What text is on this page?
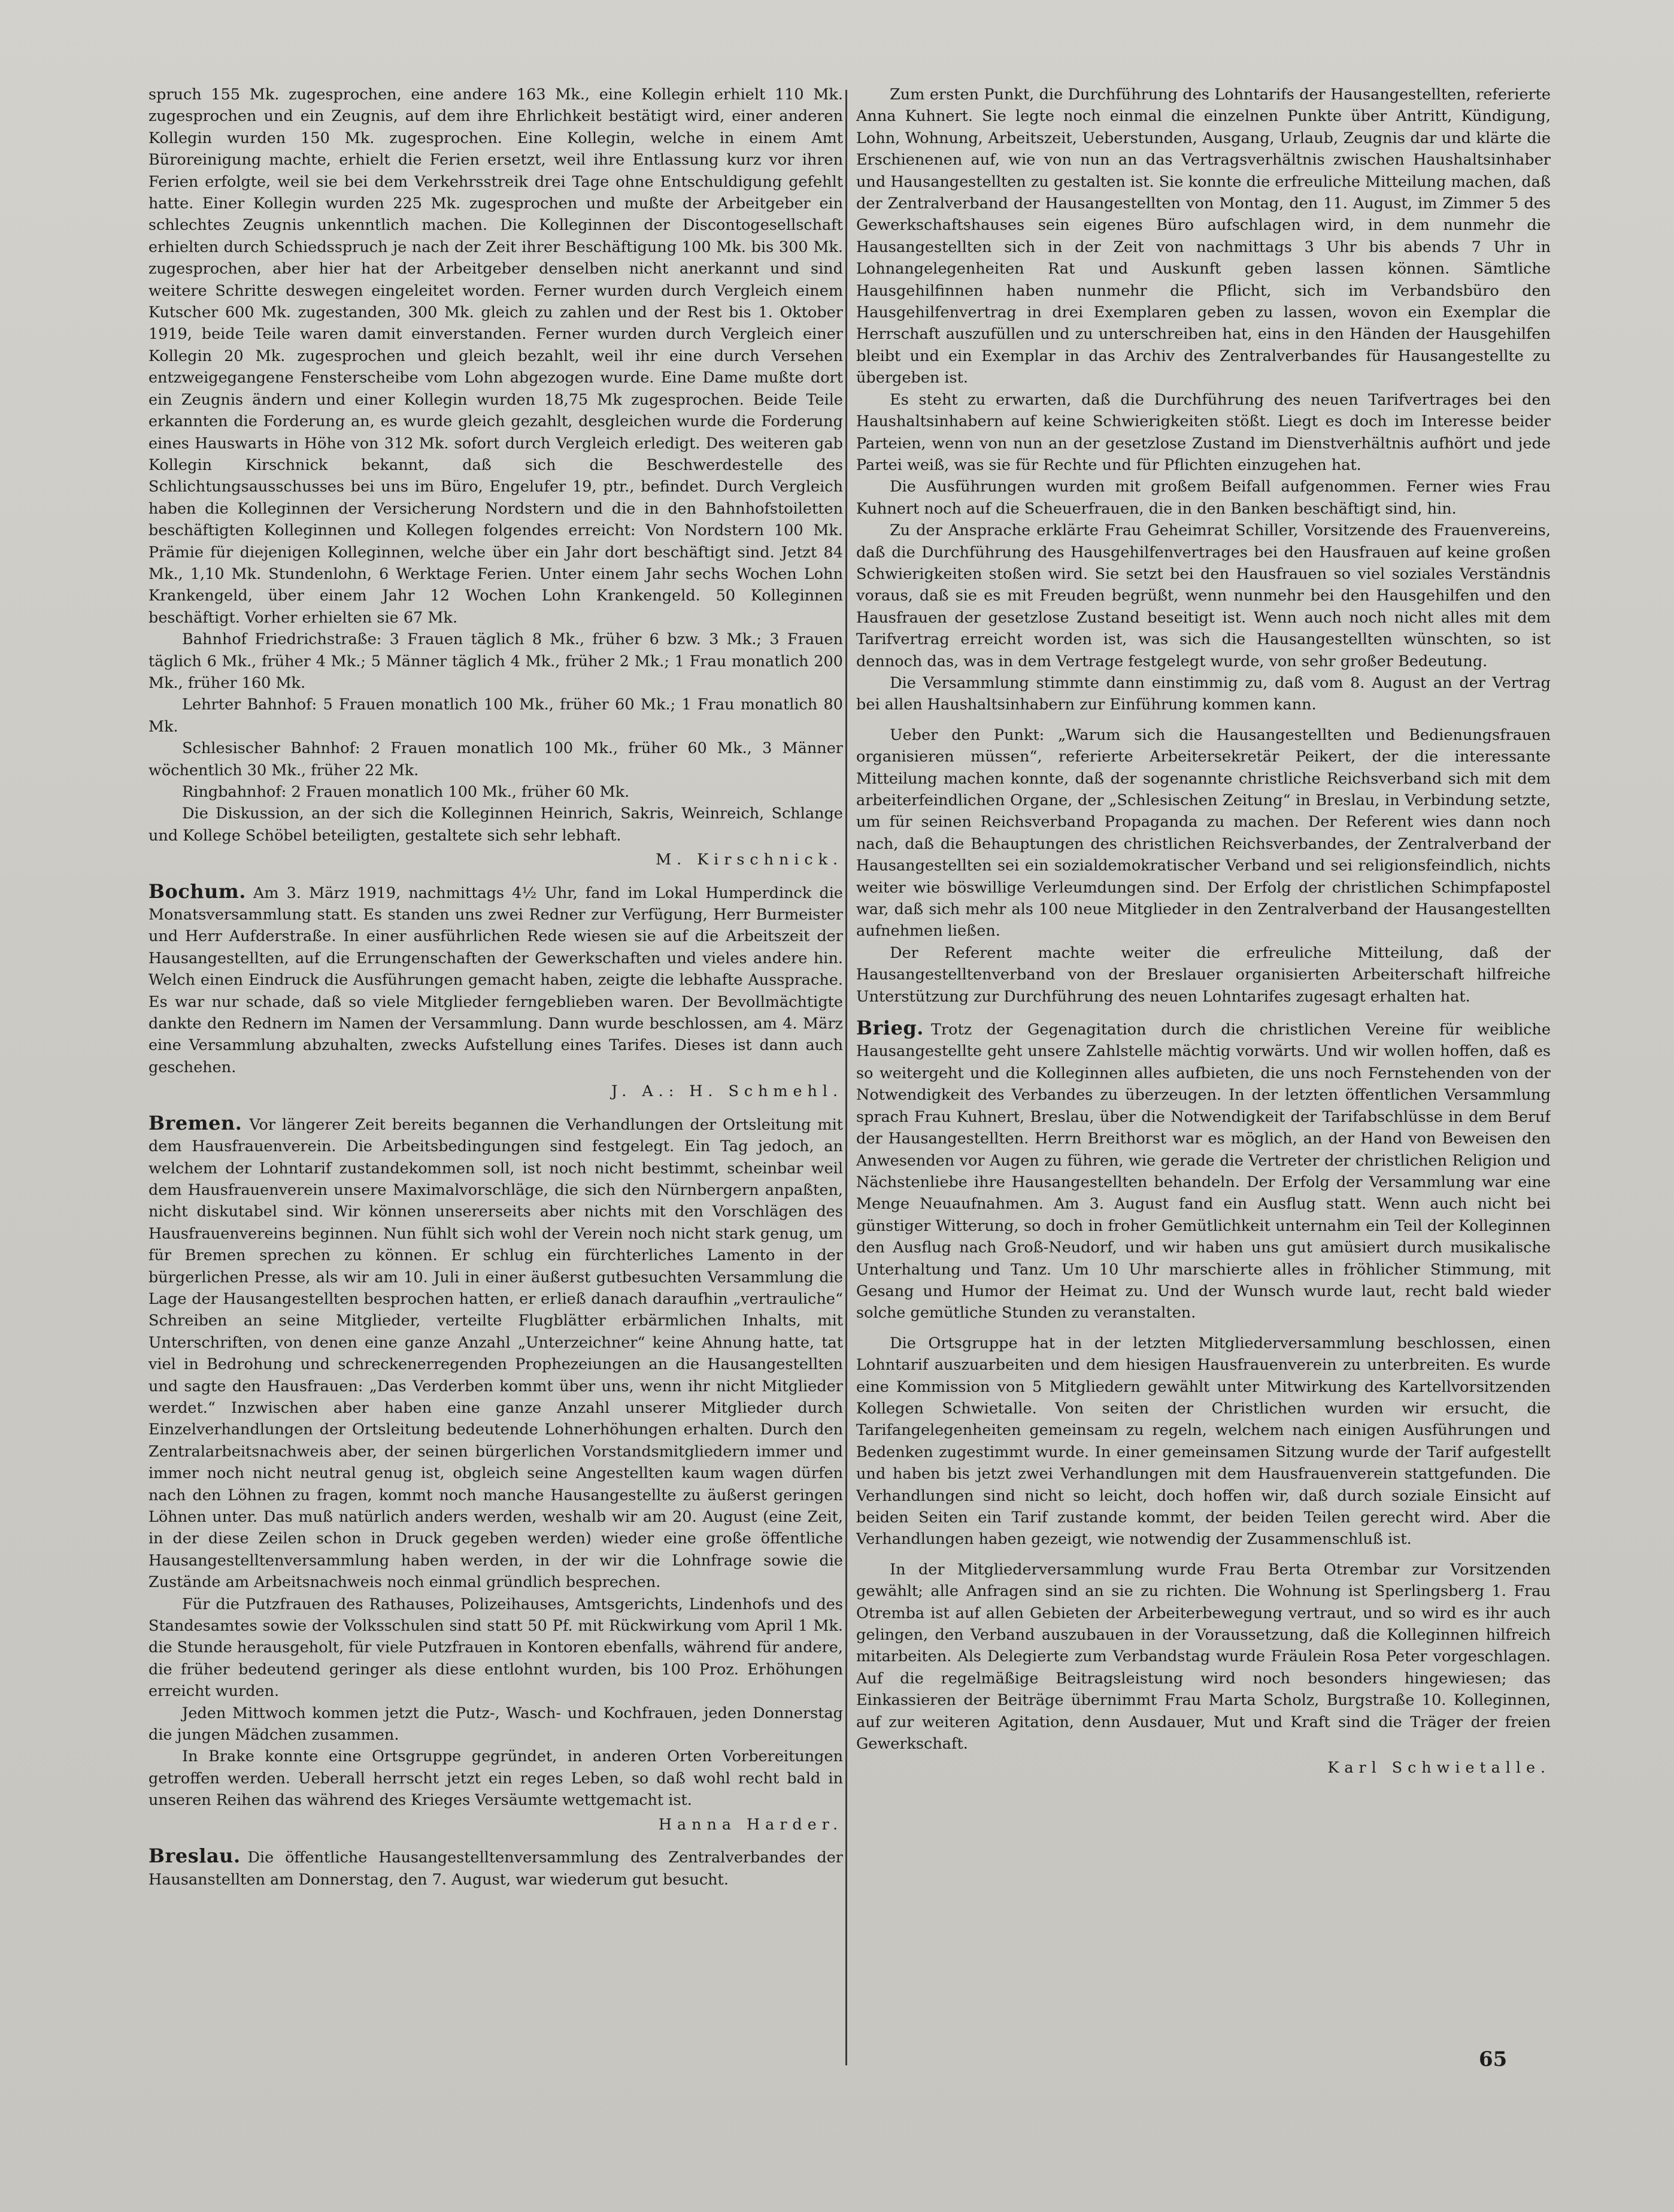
spruch 155 Mk. zugesprochen, eine andere 163 Mk., eine Kollegin erhielt 110 Mk. zugesprochen und ein Zeugnis, auf dem ihre Ehrlichkeit bestätigt wird, einer anderen Kollegin wurden 150 Mk. zugesprochen. Eine Kollegin, welche in einem Amt Büroreinigung machte, erhielt die Ferien ersetzt, weil ihre Entlassung kurz vor ihren Ferien erfolgte, weil sie bei dem Verkehrsstreik drei Tage ohne Entschuldigung gefehlt hatte. Einer Kollegin wurden 225 Mk. zugesprochen und mußte der Arbeitgeber ein schlechtes Zeugnis unkenntlich machen. Die Kolleginnen der Discontogesellschaft erhielten durch Schiedsspruch je nach der Zeit ihrer Beschäftigung 100 Mk. bis 300 Mk. zugesprochen, aber hier hat der Arbeitgeber denselben nicht anerkannt und sind weitere Schritte deswegen eingeleitet worden. Ferner wurden durch Vergleich einem Kutscher 600 Mk. zugestanden, 300 Mk. gleich zu zahlen und der Rest bis 1. Oktober 1919, beide Teile waren damit einverstanden. Ferner wurden durch Vergleich einer Kollegin 20 Mk. zugesprochen und gleich bezahlt, weil ihr eine durch Versehen entzweigegangene Fensterscheibe vom Lohn abgezogen wurde. Eine Dame mußte dort ein Zeugnis ändern und einer Kollegin wurden 18,75 Mk zugesprochen. Beide Teile erkannten die Forderung an, es wurde gleich gezahlt, desgleichen wurde die Forderung eines Hauswarts in Höhe von 312 Mk. sofort durch Vergleich erledigt. Des weiteren gab Kollegin Kirschnick bekannt, daß sich die Beschwerdestelle des Schlichtungsausschusses bei uns im Büro, Engelufer 19, ptr., befindet. Durch Vergleich haben die Kolleginnen der Versicherung Nordstern und die in den Bahnhofstoiletten beschäftigten Kolleginnen und Kollegen folgendes erreicht: Von Nordstern 100 Mk. Prämie für diejenigen Kolleginnen, welche über ein Jahr dort beschäftigt sind. Jetzt 84 Mk., 1,10 Mk. Stundenlohn, 6 Werktage Ferien. Unter einem Jahr sechs Wochen Lohn Krankengeld, über einem Jahr 12 Wochen Lohn Krankengeld. 50 Kolleginnen beschäftigt. Vorher erhielten sie 67 Mk.

Bahnhof Friedrichstraße: 3 Frauen täglich 8 Mk., früher 6 bzw. 3 Mk.; 3 Frauen täglich 6 Mk., früher 4 Mk.; 5 Männer täglich 4 Mk., früher 2 Mk.; 1 Frau monatlich 200 Mk., früher 160 Mk.

Lehrter Bahnhof: 5 Frauen monatlich 100 Mk., früher 60 Mk.; 1 Frau monatlich 80 Mk.

Schlesischer Bahnhof: 2 Frauen monatlich 100 Mk., früher 60 Mk., 3 Männer wöchentlich 30 Mk., früher 22 Mk.

Ringbahnhof: 2 Frauen monatlich 100 Mk., früher 60 Mk.

Die Diskussion, an der sich die Kolleginnen Heinrich, Sakris, Weinreich, Schlange und Kollege Schöbel beteiligten, gestaltete sich sehr lebhaft.

M. Kirschnick.

Bochum. Am 3. März 1919, nachmittags 4½ Uhr, fand im Lokal Humperdinck die Monatsversammlung statt. Es standen uns zwei Redner zur Verfügung, Herr Burmeister und Herr Aufderstraße. In einer ausführlichen Rede wiesen sie auf die Arbeitszeit der Hausangestellten, auf die Errungenschaften der Gewerkschaften und vieles andere hin. Welch einen Eindruck die Ausführungen gemacht haben, zeigte die lebhafte Aussprache. Es war nur schade, daß so viele Mitglieder ferngeblieben waren. Der Bevollmächtigte dankte den Rednern im Namen der Versammlung. Dann wurde beschlossen, am 4. März eine Versammlung abzuhalten, zwecks Aufstellung eines Tarifes. Dieses ist dann auch geschehen.

J. A.: H. Schmehl.

Bremen. Vor längerer Zeit bereits begannen die Verhandlungen der Ortsleitung mit dem Hausfrauenverein. Die Arbeitsbedingungen sind festgelegt. Ein Tag jedoch, an welchem der Lohntarif zustandekommen soll, ist noch nicht bestimmt, scheinbar weil dem Hausfrauenverein unsere Maximalvorschläge, die sich den Nürnbergern anpaßten, nicht diskutabel sind. Wir können unsererseits aber nichts mit den Vorschlägen des Hausfrauenvereins beginnen. Nun fühlt sich wohl der Verein noch nicht stark genug, um für Bremen sprechen zu können. Er schlug ein fürchterliches Lamento in der bürgerlichen Presse, als wir am 10. Juli in einer äußerst gutbesuchten Versammlung die Lage der Hausangestellten besprochen hatten, er erließ danach daraufhin „vertrauliche“ Schreiben an seine Mitglieder, verteilte Flugblätter erbärmlichen Inhalts, mit Unterschriften, von denen eine ganze Anzahl „Unterzeichner“ keine Ahnung hatte, tat viel in Bedrohung und schreckenerregenden Prophezeiungen an die Hausangestellten und sagte den Hausfrauen: „Das Verderben kommt über uns, wenn ihr nicht Mitglieder werdet.“ Inzwischen aber haben eine ganze Anzahl unserer Mitglieder durch Einzelverhandlungen der Ortsleitung bedeutende Lohnerhöhungen erhalten. Durch den Zentralarbeitsnachweis aber, der seinen bürgerlichen Vorstandsmitgliedern immer und immer noch nicht neutral genug ist, obgleich seine Angestellten kaum wagen dürfen nach den Löhnen zu fragen, kommt noch manche Hausangestellte zu äußerst geringen Löhnen unter. Das muß natürlich anders werden, weshalb wir am 20. August (eine Zeit, in der diese Zeilen schon in Druck gegeben werden) wieder eine große öffentliche Hausangestelltenversammlung haben werden, in der wir die Lohnfrage sowie die Zustände am Arbeitsnachweis noch einmal gründlich besprechen.

Für die Putzfrauen des Rathauses, Polizeihauses, Amtsgerichts, Lindenhofs und des Standesamtes sowie der Volksschulen sind statt 50 Pf. mit Rückwirkung vom April 1 Mk. die Stunde herausgeholt, für viele Putzfrauen in Kontoren ebenfalls, während für andere, die früher bedeutend geringer als diese entlohnt wurden, bis 100 Proz. Erhöhungen erreicht wurden.

Jeden Mittwoch kommen jetzt die Putz-, Wasch- und Kochfrauen, jeden Donnerstag die jungen Mädchen zusammen.

In Brake konnte eine Ortsgruppe gegründet, in anderen Orten Vorbereitungen getroffen werden. Ueberall herrscht jetzt ein reges Leben, so daß wohl recht bald in unseren Reihen das während des Krieges Versäumte wettgemacht ist.

Hanna Harder.

Breslau. Die öffentliche Hausangestelltenversammlung des Zentralverbandes der Hausanstellten am Donnerstag, den 7. August, war wiederum gut besucht.

Zum ersten Punkt, die Durchführung des Lohntarifs der Hausangestellten, referierte Anna Kuhnert. Sie legte noch einmal die einzelnen Punkte über Antritt, Kündigung, Lohn, Wohnung, Arbeitszeit, Ueberstunden, Ausgang, Urlaub, Zeugnis dar und klärte die Erschienenen auf, wie von nun an das Vertragsverhältnis zwischen Haushaltsinhaber und Hausangestellten zu gestalten ist. Sie konnte die erfreuliche Mitteilung machen, daß der Zentralverband der Hausangestellten von Montag, den 11. August, im Zimmer 5 des Gewerkschaftshauses sein eigenes Büro aufschlagen wird, in dem nunmehr die Hausangestellten sich in der Zeit von nachmittags 3 Uhr bis abends 7 Uhr in Lohnangelegenheiten Rat und Auskunft geben lassen können. Sämtliche Hausgehilfinnen haben nunmehr die Pflicht, sich im Verbandsbüro den Hausgehilfenvertrag in drei Exemplaren geben zu lassen, wovon ein Exemplar die Herrschaft auszufüllen und zu unterschreiben hat, eins in den Händen der Hausgehilfen bleibt und ein Exemplar in das Archiv des Zentralverbandes für Hausangestellte zu übergeben ist.

Es steht zu erwarten, daß die Durchführung des neuen Tarifvertrages bei den Haushaltsinhabern auf keine Schwierigkeiten stößt. Liegt es doch im Interesse beider Parteien, wenn von nun an der gesetzlose Zustand im Dienstverhältnis aufhört und jede Partei weiß, was sie für Rechte und für Pflichten einzugehen hat.

Die Ausführungen wurden mit großem Beifall aufgenommen. Ferner wies Frau Kuhnert noch auf die Scheuerfrauen, die in den Banken beschäftigt sind, hin.

Zu der Ansprache erklärte Frau Geheimrat Schiller, Vorsitzende des Frauenvereins, daß die Durchführung des Hausgehilfenvertrages bei den Hausfrauen auf keine großen Schwierigkeiten stoßen wird. Sie setzt bei den Hausfrauen so viel soziales Verständnis voraus, daß sie es mit Freuden begrüßt, wenn nunmehr bei den Hausgehilfen und den Hausfrauen der gesetzlose Zustand beseitigt ist. Wenn auch noch nicht alles mit dem Tarifvertrag erreicht worden ist, was sich die Hausangestellten wünschten, so ist dennoch das, was in dem Vertrage festgelegt wurde, von sehr großer Bedeutung.

Die Versammlung stimmte dann einstimmig zu, daß vom 8. August an der Vertrag bei allen Haushaltsinhabern zur Einführung kommen kann.

Ueber den Punkt: „Warum sich die Hausangestellten und Bedienungsfrauen organisieren müssen“, referierte Arbeitersekretär Peikert, der die interessante Mitteilung machen konnte, daß der sogenannte christliche Reichsverband sich mit dem arbeiterfeindlichen Organe, der „Schlesischen Zeitung“ in Breslau, in Verbindung setzte, um für seinen Reichsverband Propaganda zu machen. Der Referent wies dann noch nach, daß die Behauptungen des christlichen Reichsverbandes, der Zentralverband der Hausangestellten sei ein sozialdemokratischer Verband und sei religionsfeindlich, nichts weiter wie böswillige Verleumdungen sind. Der Erfolg der christlichen Schimpfapostel war, daß sich mehr als 100 neue Mitglieder in den Zentralverband der Hausangestellten aufnehmen ließen.

Der Referent machte weiter die erfreuliche Mitteilung, daß der Hausangestelltenverband von der Breslauer organisierten Arbeiterschaft hilfreiche Unterstützung zur Durchführung des neuen Lohntarifes zugesagt erhalten hat.

Brieg. Trotz der Gegenagitation durch die christlichen Vereine für weibliche Hausangestellte geht unsere Zahlstelle mächtig vorwärts. Und wir wollen hoffen, daß es so weitergeht und die Kolleginnen alles aufbieten, die uns noch Fernstehenden von der Notwendigkeit des Verbandes zu überzeugen. In der letzten öffentlichen Versammlung sprach Frau Kuhnert, Breslau, über die Notwendigkeit der Tarifabschlüsse in dem Beruf der Hausangestellten. Herrn Breithorst war es möglich, an der Hand von Beweisen den Anwesenden vor Augen zu führen, wie gerade die Vertreter der christlichen Religion und Nächstenliebe ihre Hausangestellten behandeln. Der Erfolg der Versammlung war eine Menge Neuaufnahmen. Am 3. August fand ein Ausflug statt. Wenn auch nicht bei günstiger Witterung, so doch in froher Gemütlichkeit unternahm ein Teil der Kolleginnen den Ausflug nach Groß-Neudorf, und wir haben uns gut amüsiert durch musikalische Unterhaltung und Tanz. Um 10 Uhr marschierte alles in fröhlicher Stimmung, mit Gesang und Humor der Heimat zu. Und der Wunsch wurde laut, recht bald wieder solche gemütliche Stunden zu veranstalten.

Die Ortsgruppe hat in der letzten Mitgliederversammlung beschlossen, einen Lohntarif auszuarbeiten und dem hiesigen Hausfrauenverein zu unterbreiten. Es wurde eine Kommission von 5 Mitgliedern gewählt unter Mitwirkung des Kartellvorsitzenden Kollegen Schwietalle. Von seiten der Christlichen wurden wir ersucht, die Tarifangelegenheiten gemeinsam zu regeln, welchem nach einigen Ausführungen und Bedenken zugestimmt wurde. In einer gemeinsamen Sitzung wurde der Tarif aufgestellt und haben bis jetzt zwei Verhandlungen mit dem Hausfrauenverein stattgefunden. Die Verhandlungen sind nicht so leicht, doch hoffen wir, daß durch soziale Einsicht auf beiden Seiten ein Tarif zustande kommt, der beiden Teilen gerecht wird. Aber die Verhandlungen haben gezeigt, wie notwendig der Zusammenschluß ist.

In der Mitgliederversammlung wurde Frau Berta Otrembar zur Vorsitzenden gewählt; alle Anfragen sind an sie zu richten. Die Wohnung ist Sperlingsberg 1. Frau Otremba ist auf allen Gebieten der Arbeiterbewegung vertraut, und so wird es ihr auch gelingen, den Verband auszubauen in der Voraussetzung, daß die Kolleginnen hilfreich mitarbeiten. Als Delegierte zum Verbandstag wurde Fräulein Rosa Peter vorgeschlagen. Auf die regelmäßige Beitragsleistung wird noch besonders hingewiesen; das Einkassieren der Beiträge übernimmt Frau Marta Scholz, Burgstraße 10. Kolleginnen, auf zur weiteren Agitation, denn Ausdauer, Mut und Kraft sind die Träger der freien Gewerkschaft.

Karl Schwietalle.
65
